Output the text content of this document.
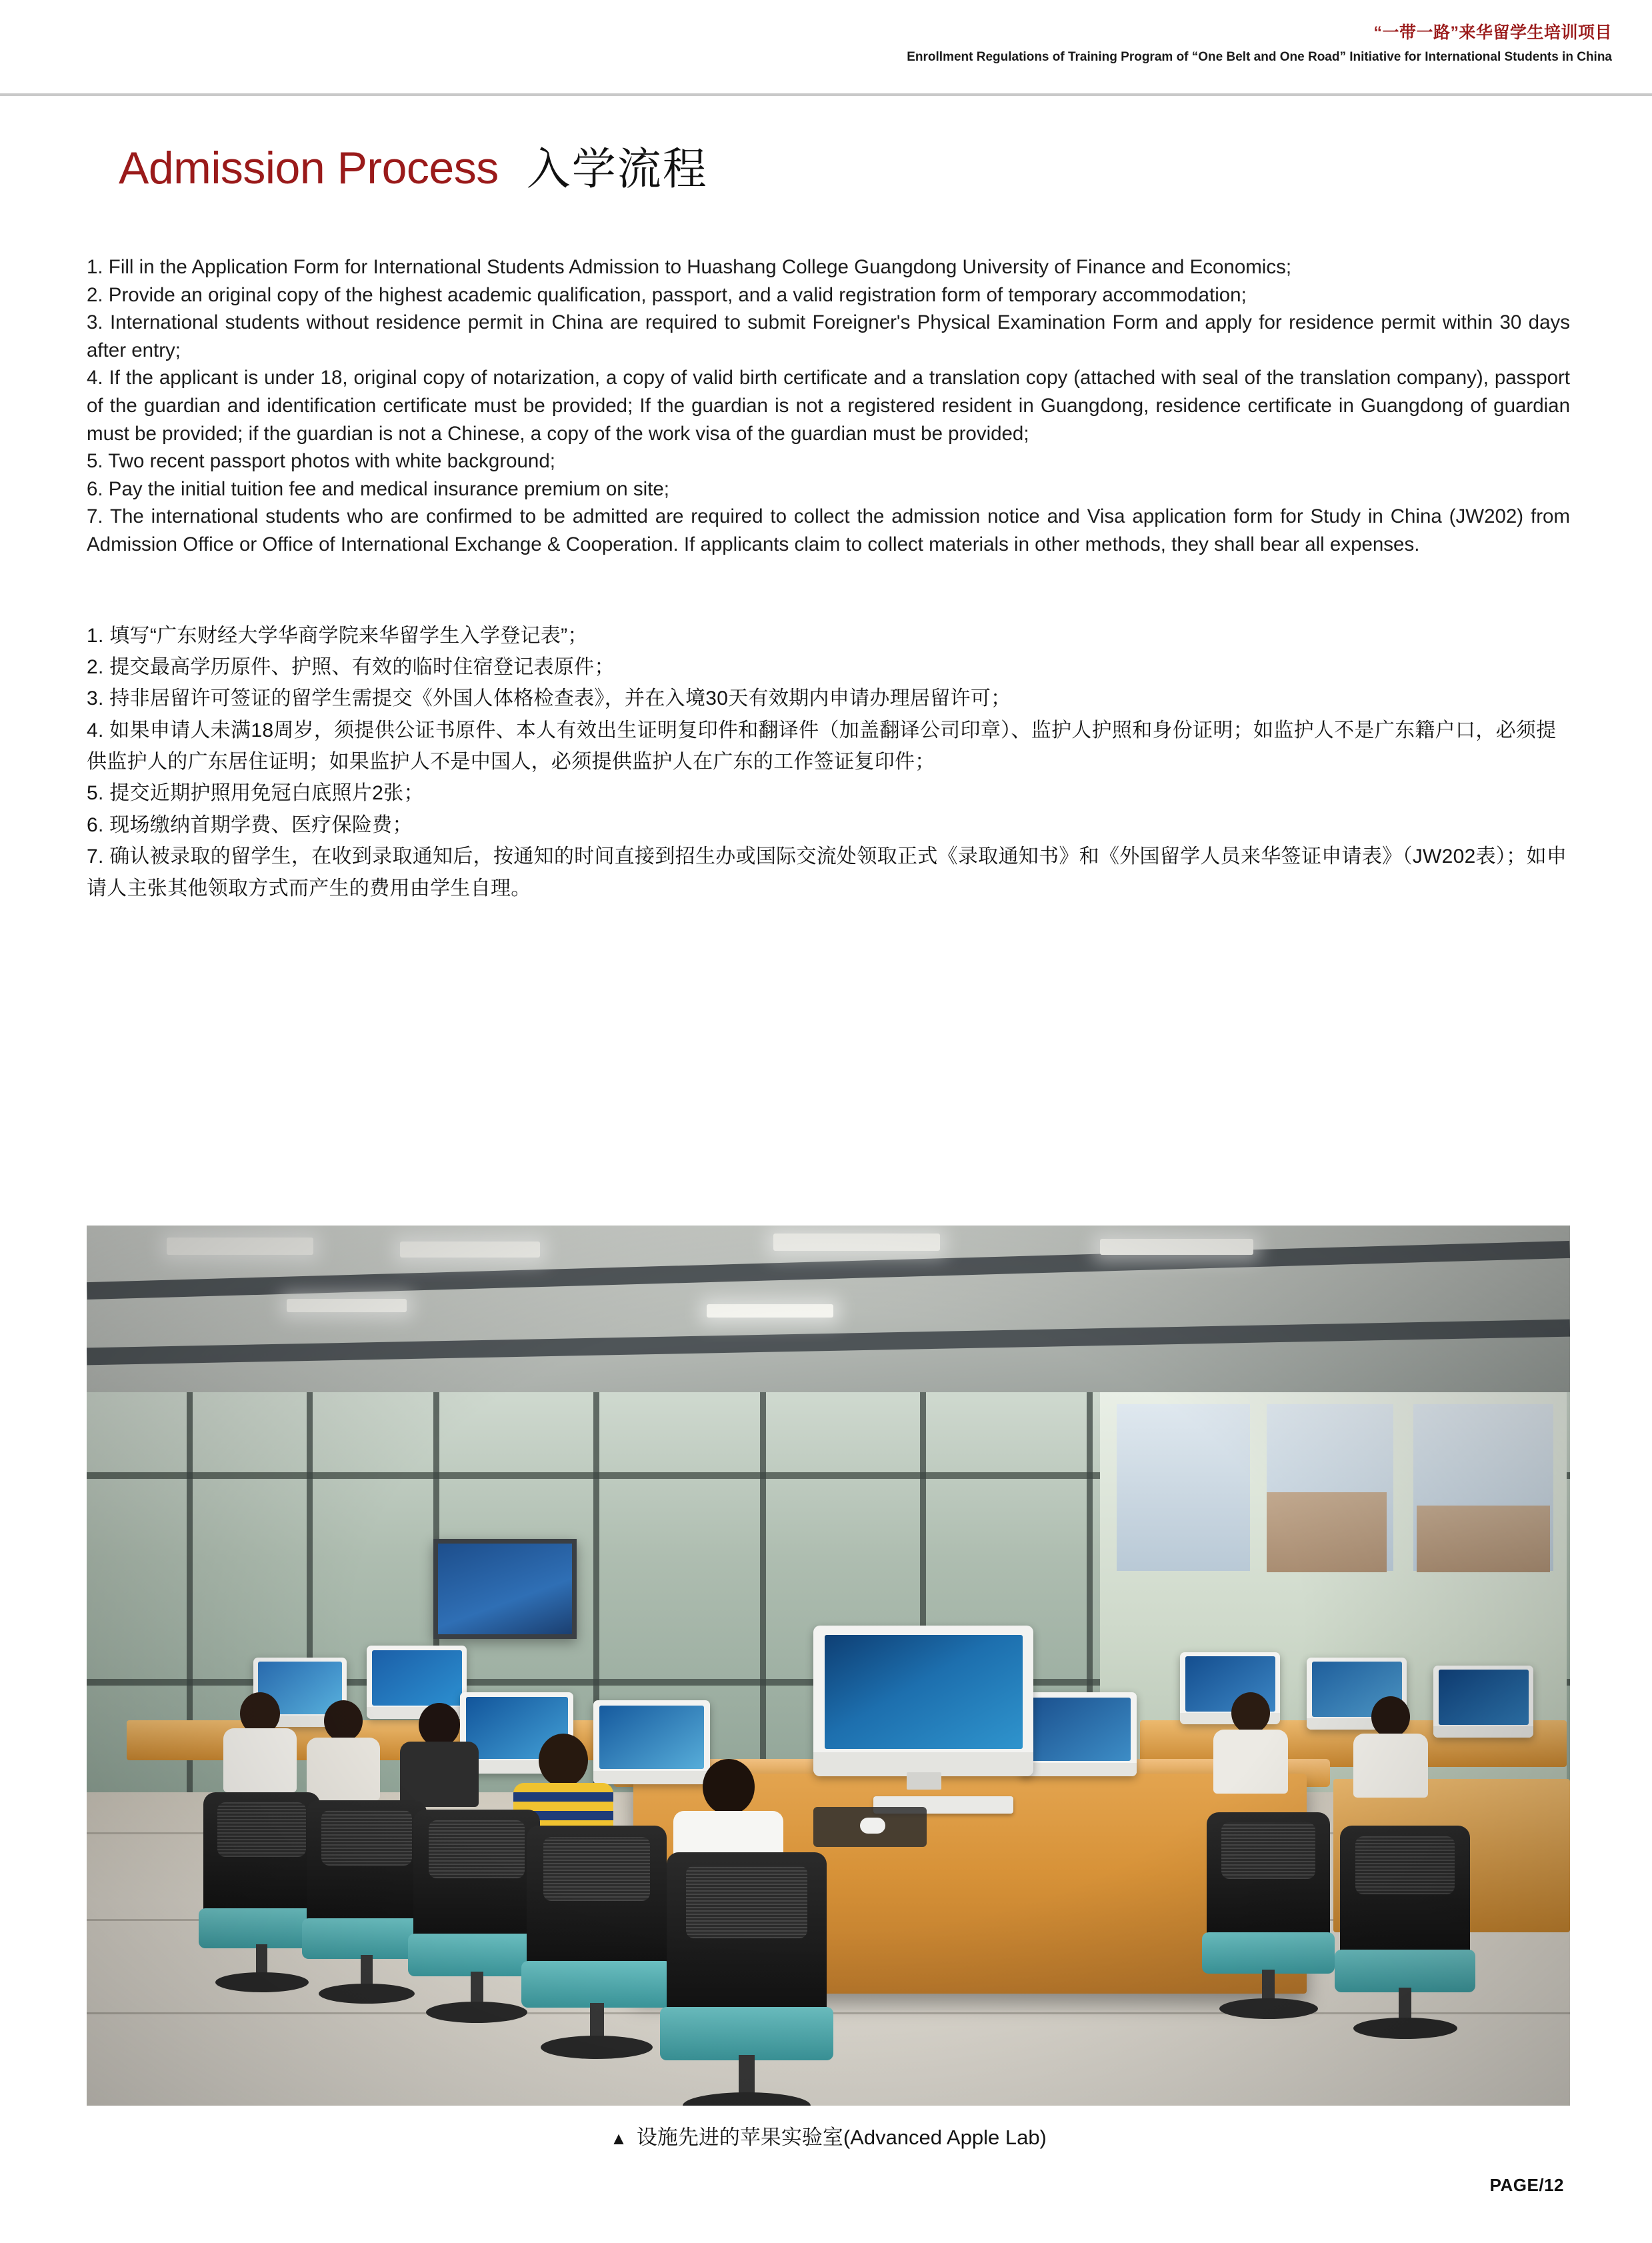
“一带一路”来华留学生培训项目
Enrollment Regulations of Training Program of “One Belt and One Road” Initiative for International Students in China
Admission Process 入学流程

1. Fill in the Application Form for International Students Admission to Huashang College Guangdong University of Finance and Economics;

2. Provide an original copy of the highest academic qualification, passport, and a valid registration form of temporary accommodation;

3. International students without residence permit in China are required to submit Foreigner's Physical Examination Form and apply for residence permit within 30 days after entry;

4. If the applicant is under 18, original copy of notarization, a copy of valid birth certificate and a translation copy (attached with seal of the translation company), passport of the guardian and identification certificate must be provided; If the guardian is not a registered resident in Guangdong, residence certificate in Guangdong of guardian must be provided; if the guardian is not a Chinese, a copy of the work visa of the guardian must be provided;

5. Two recent passport photos with white background;

6. Pay the initial tuition fee and medical insurance premium on site;

7. The international students who are confirmed to be admitted are required to collect the admission notice and Visa application form for Study in China (JW202) from Admission Office or Office of International Exchange & Cooperation. If applicants claim to collect materials in other methods, they shall bear all expenses.

1. 填写“广东财经大学华商学院来华留学生入学登记表”；

2. 提交最高学历原件、护照、有效的临时住宿登记表原件；

3. 持非居留许可签证的留学生需提交《外国人体格检查表》，并在入境30天有效期内申请办理居留许可；

4. 如果申请人未满18周岁，须提供公证书原件、本人有效出生证明复印件和翻译件（加盖翻译公司印章）、监护人护照和身份证明；如监护人不是广东籍户口，必须提供监护人的广东居住证明；如果监护人不是中国人，必须提供监护人在广东的工作签证复印件；

5. 提交近期护照用免冠白底照片2张；

6. 现场缴纳首期学费、医疗保险费；

7. 确认被录取的留学生，在收到录取通知后，按通知的时间直接到招生办或国际交流处领取正式《录取通知书》和《外国留学人员来华签证申请表》（JW202表）；如申请人主张其他领取方式而产生的费用由学生自理。

▲ 设施先进的苹果实验室(Advanced Apple Lab)
PAGE/12
